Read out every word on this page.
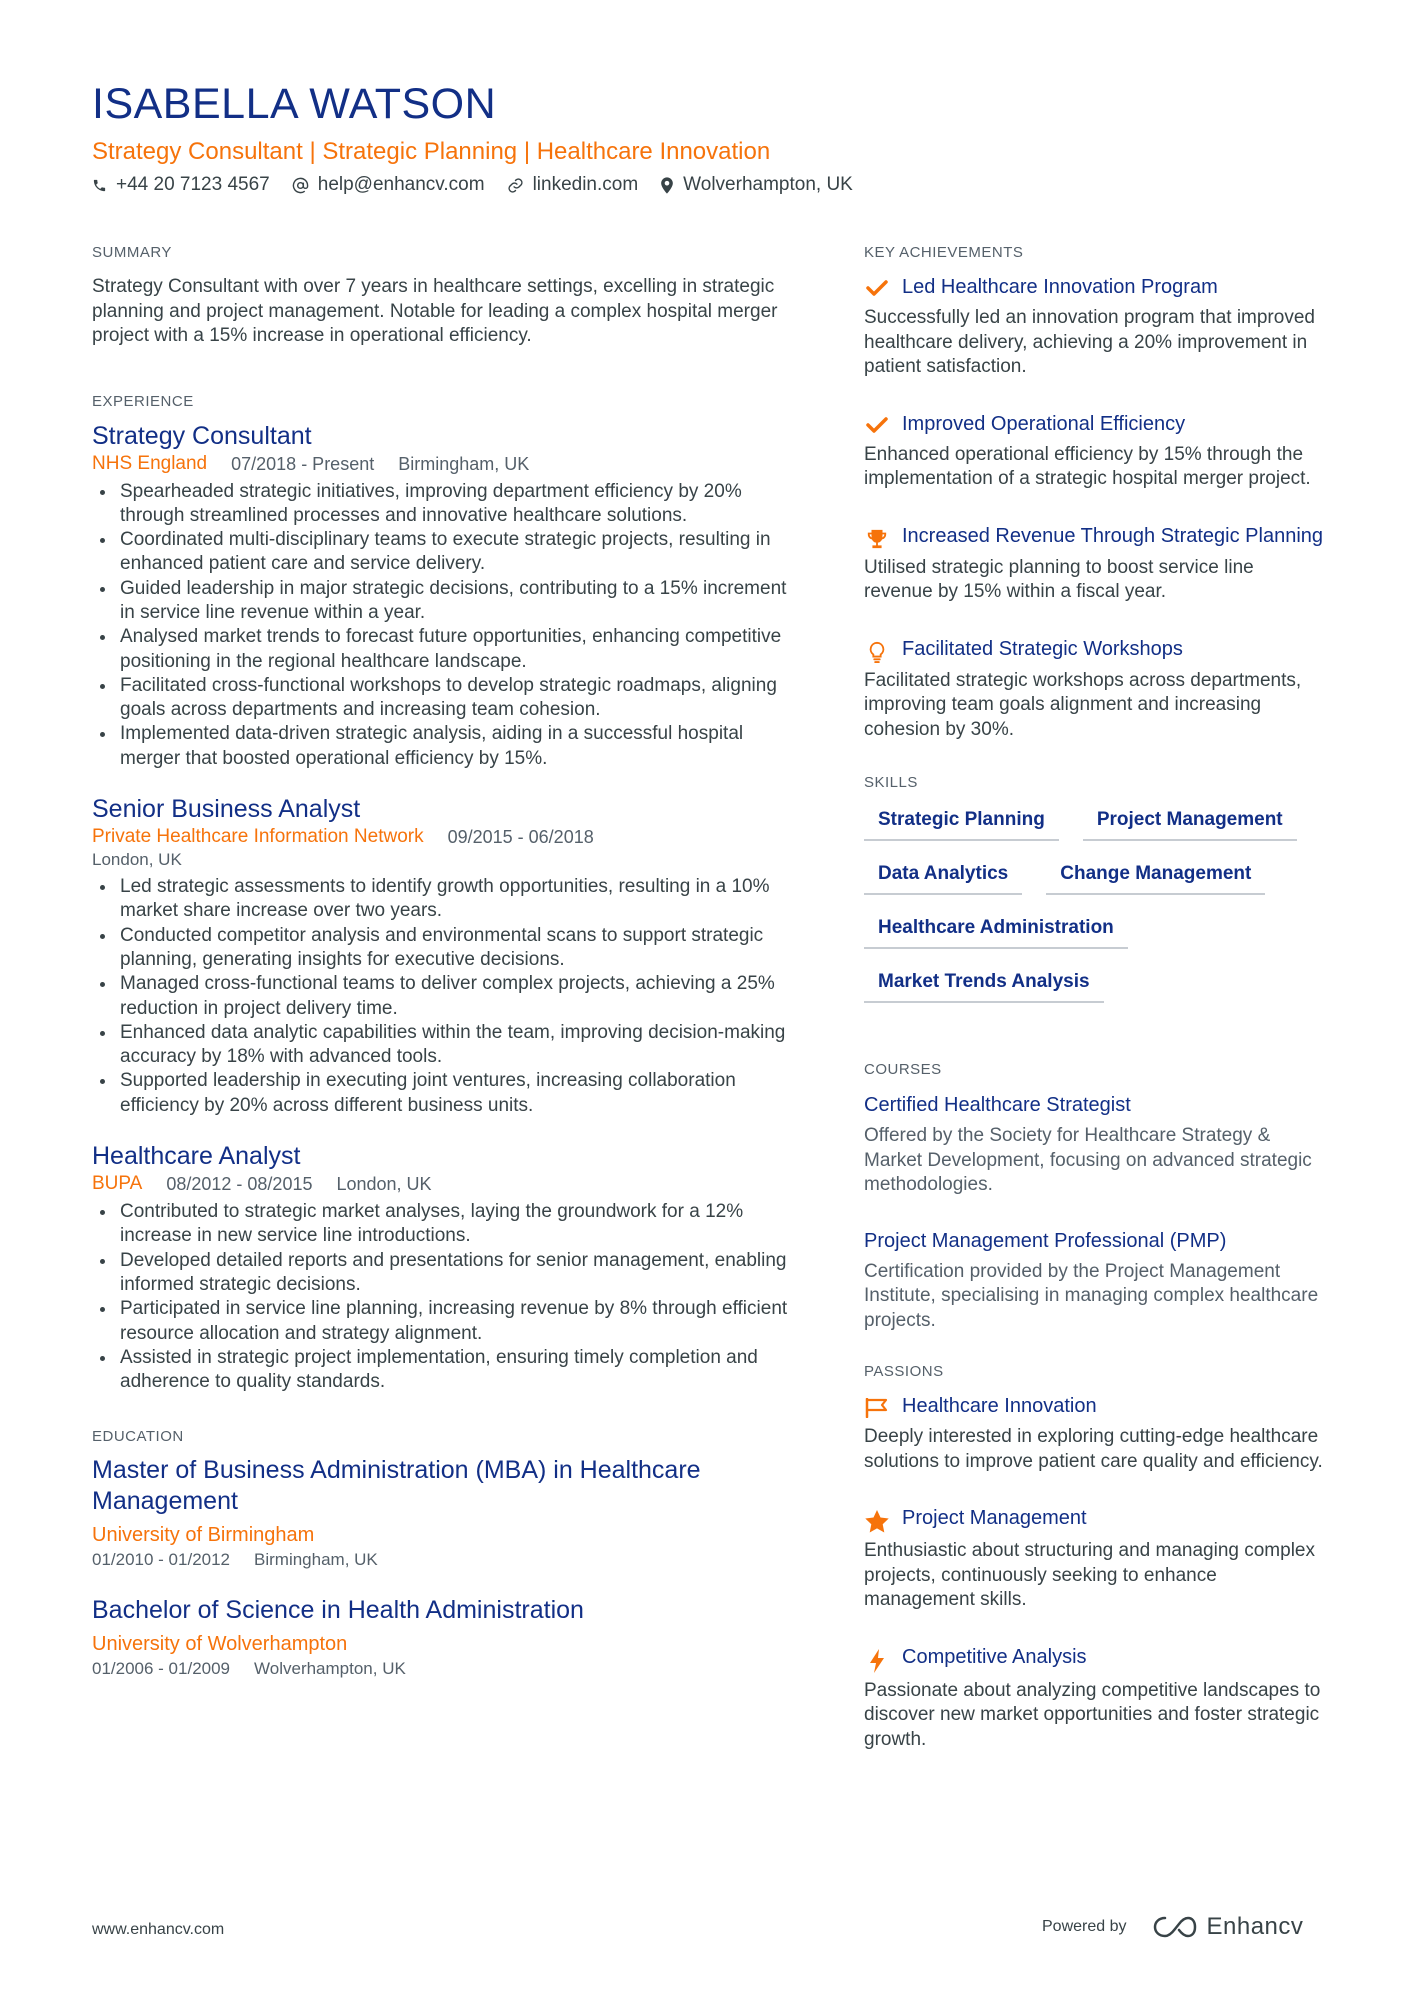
ISABELLA WATSON
Strategy Consultant | Strategic Planning | Healthcare Innovation
+44 20 7123 4567	help@enhancv.com	linkedin.com Wolverhampton, UK
SUMMARY

Strategy Consultant with over 7 years in healthcare settings, excelling in strategic planning and project management. Notable for leading a complex hospital merger project with a 15% increase in operational efficiency.

EXPERIENCE
Strategy Consultant
NHS England 07/2018 - Present Birmingham, UK
Spearheaded strategic initiatives, improving department efficiency by 20% through streamlined processes and innovative healthcare solutions.
Coordinated multi-disciplinary teams to execute strategic projects, resulting in enhanced patient care and service delivery.
Guided leadership in major strategic decisions, contributing to a 15% increment in service line revenue within a year.
Analysed market trends to forecast future opportunities, enhancing competitive positioning in the regional healthcare landscape.
Facilitated cross-functional workshops to develop strategic roadmaps, aligning goals across departments and increasing team cohesion.
Implemented data-driven strategic analysis, aiding in a successful hospital merger that boosted operational efficiency by 15%.
Senior Business Analyst
Private Healthcare Information Network 09/2015 - 06/2018
London, UK
Led strategic assessments to identify growth opportunities, resulting in a 10% market share increase over two years.
Conducted competitor analysis and environmental scans to support strategic planning, generating insights for executive decisions.
Managed cross-functional teams to deliver complex projects, achieving a 25% reduction in project delivery time.
Enhanced data analytic capabilities within the team, improving decision-making accuracy by 18% with advanced tools.
Supported leadership in executing joint ventures, increasing collaboration efficiency by 20% across different business units.
Healthcare Analyst
BUPA 08/2012 - 08/2015 London, UK
Contributed to strategic market analyses, laying the groundwork for a 12% increase in new service line introductions.
Developed detailed reports and presentations for senior management, enabling informed strategic decisions.
Participated in service line planning, increasing revenue by 8% through efficient resource allocation and strategy alignment.
Assisted in strategic project implementation, ensuring timely completion and adherence to quality standards.
EDUCATION
Master of Business Administration (MBA) in Healthcare Management
University of Birmingham
01/2010 - 01/2012 Birmingham, UK
Bachelor of Science in Health Administration
University of Wolverhampton
01/2006 - 01/2009 Wolverhampton, UK
KEY ACHIEVEMENTS
Led Healthcare Innovation Program
Successfully led an innovation program that improved healthcare delivery, achieving a 20% improvement in patient satisfaction.
Improved Operational Efficiency
Enhanced operational efficiency by 15% through the implementation of a strategic hospital merger project.
Increased Revenue Through Strategic Planning
Utilised strategic planning to boost service line revenue by 15% within a fiscal year.
Facilitated Strategic Workshops
Facilitated strategic workshops across departments, improving team goals alignment and increasing cohesion by 30%.
SKILLS
Strategic Planning	Project Management
Data Analytics	Change Management
Healthcare Administration
Market Trends Analysis
COURSES
Certified Healthcare Strategist
Offered by the Society for Healthcare Strategy & Market Development, focusing on advanced strategic methodologies.
Project Management Professional (PMP)
Certification provided by the Project Management Institute, specialising in managing complex healthcare projects.
PASSIONS
Healthcare Innovation
Deeply interested in exploring cutting-edge healthcare solutions to improve patient care quality and efficiency.
Project Management
Enthusiastic about structuring and managing complex projects, continuously seeking to enhance management skills.
Competitive Analysis
Passionate about analyzing competitive landscapes to discover new market opportunities and foster strategic growth.
www.enhancv.com	Powered by	Enhancv
